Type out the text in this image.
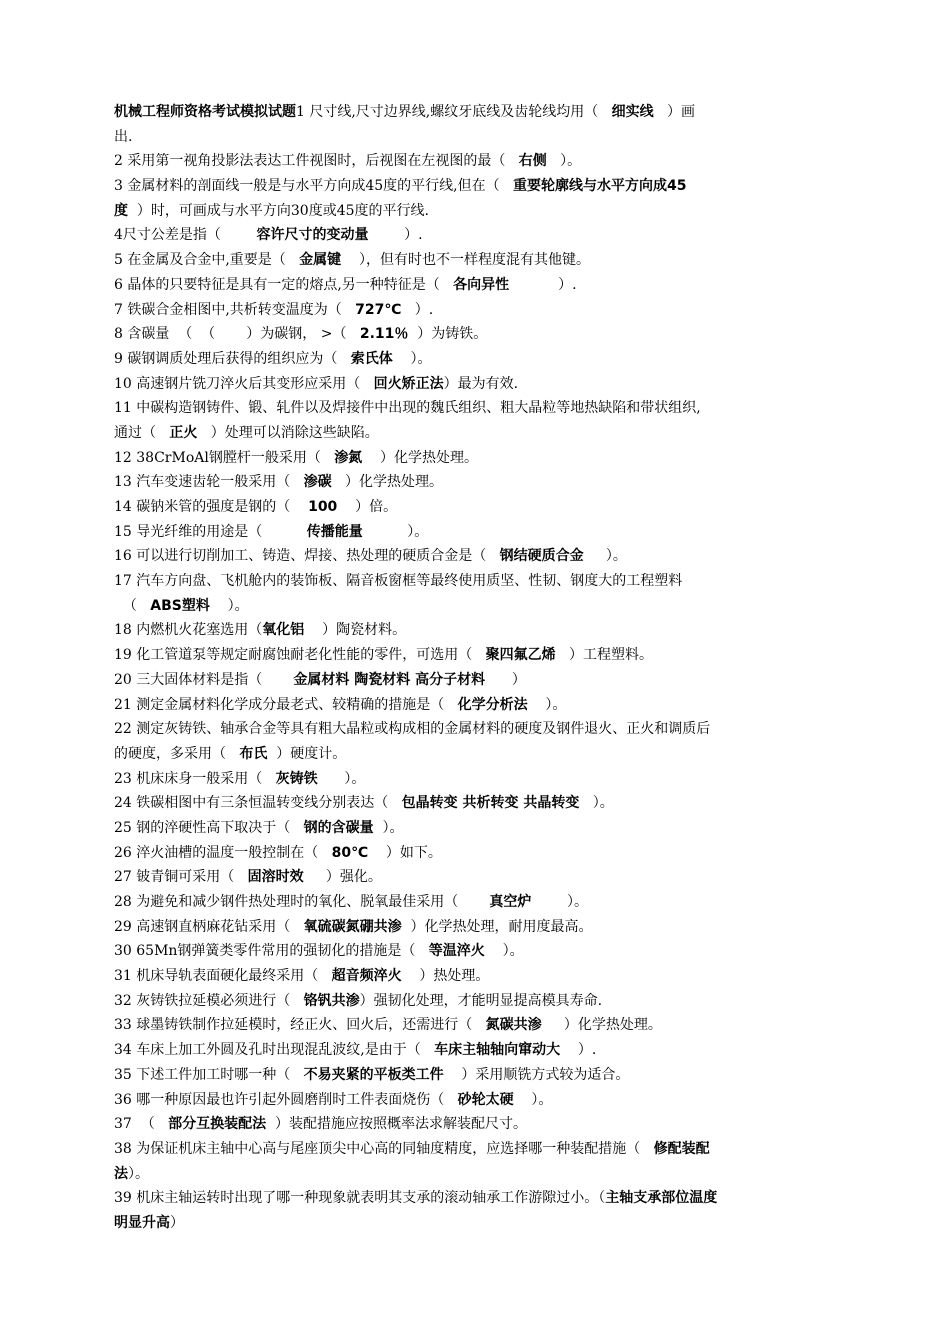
机械工程师资格考试模拟试题1 尺寸线,尺寸边界线,螺纹牙底线及齿轮线均用（   细实线   ）画
出.
2 采用第一视角投影法表达工件视图时，后视图在左视图的最（   右侧   ）。
3 金属材料的剖面线一般是与水平方向成45度的平行线,但在（   重要轮廓线与水平方向成45
度  ）时，可画成与水平方向30度或45度的平行线.
4尺寸公差是指（        容许尺寸的变动量        ）.
5 在金属及合金中,重要是（   金属键    ），但有时也不一样程度混有其他键。
6 晶体的只要特征是具有一定的熔点,另一种特征是（   各向异性           ）.
7 铁碳合金相图中,共析转变温度为（   727℃   ）.
8 含碳量  （  （       ）为碳钢， >（   2.11％  ）为铸铁。
9 碳钢调质处理后获得的组织应为（   索氏体    ）。
10 高速钢片铣刀淬火后其变形应采用（   回火矫正法）最为有效.
11 中碳构造钢铸件、锻、轧件以及焊接件中出现的魏氏组织、粗大晶粒等地热缺陷和带状组织,
通过（   正火   ）处理可以消除这些缺陷。
12 38CrMoAl钢膛杆一般采用（   渗氮    ）化学热处理。
13 汽车变速齿轮一般采用（   渗碳   ）化学热处理。
14 碳钠米管的强度是钢的（    100    ）倍。
15 导光纤维的用途是（          传播能量          ）。
16 可以进行切削加工、铸造、焊接、热处理的硬质合金是（   钢结硬质合金     ）。
17 汽车方向盘、飞机舱内的装饰板、隔音板窗框等最终使用质坚、性韧、钢度大的工程塑料
（   ABS塑料    ）。
18 内燃机火花塞选用（氧化铝    ）陶瓷材料。
19 化工管道泵等规定耐腐蚀耐老化性能的零件，可选用（   聚四氟乙烯   ）工程塑料。
20 三大固体材料是指（       金属材料 陶瓷材料 高分子材料      ）
21 测定金属材料化学成分最老式、较精确的措施是（   化学分析法    ）。
22 测定灰铸铁、轴承合金等具有粗大晶粒或构成相的金属材料的硬度及钢件退火、正火和调质后
的硬度，多采用（   布氏  ）硬度计。
23 机床床身一般采用（   灰铸铁      ）。
24 铁碳相图中有三条恒温转变线分别表达（   包晶转变 共析转变 共晶转变   ）。
25 钢的淬硬性高下取决于（   钢的含碳量  ）。
26 淬火油槽的温度一般控制在（   80℃    ）如下。
27 铍青铜可采用（   固溶时效     ）强化。
28 为避免和减少钢件热处理时的氧化、脱氧最佳采用（       真空炉        ）。
29 高速钢直柄麻花钻采用（   氧硫碳氮硼共渗  ）化学热处理，耐用度最高。
30 65Mn钢弹簧类零件常用的强韧化的措施是（   等温淬火    ）。
31 机床导轨表面硬化最终采用（   超音频淬火    ）热处理。
32 灰铸铁拉延模必须进行（   铬钒共渗）强韧化处理，才能明显提高模具寿命.
33 球墨铸铁制作拉延模时，经正火、回火后，还需进行（   氮碳共渗     ）化学热处理。
34 车床上加工外圆及孔时出现混乱波纹,是由于（   车床主轴轴向窜动大    ）.
35 下述工件加工时哪一种（   不易夹紧的平板类工件    ）采用顺铣方式较为适合。
36 哪一种原因最也许引起外圆磨削时工件表面烧伤（   砂轮太硬    ）。
37  （   部分互换装配法  ）装配措施应按照概率法求解装配尺寸。
38 为保证机床主轴中心高与尾座顶尖中心高的同轴度精度，应选择哪一种装配措施（   修配装配
法）。
39 机床主轴运转时出现了哪一种现象就表明其支承的滚动轴承工作游隙过小。（主轴支承部位温度
明显升高）
